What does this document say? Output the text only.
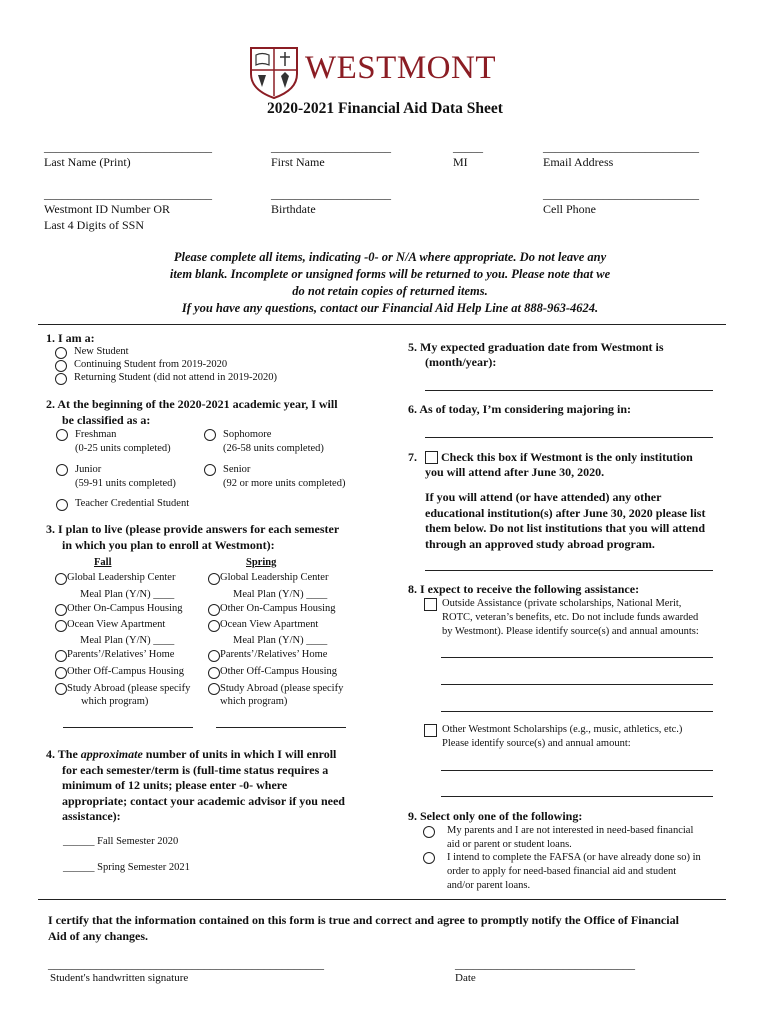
WESTMONT
2020-2021 Financial Aid Data Sheet
____________________________
Last Name (Print)
____________________
First Name
_____
MI
__________________________
Email Address
____________________________
Westmont ID Number OR
Last 4 Digits of SSN
____________________
Birthdate
__________________________
Cell Phone
Please complete all items, indicating -0- or N/A where appropriate. Do not leave any
item blank. Incomplete or unsigned forms will be returned to you. Please note that we
do not retain copies of returned items.
If you have any questions, contact our Financial Aid Help Line at 888-963-4624.
1. I am a:
New Student
Continuing Student from 2019-2020
Returning Student (did not attend in 2019-2020)
2. At the beginning of the 2020-2021 academic year, I will
be classified as a:
Freshman
(0-25 units completed)
Sophomore
(26-58 units completed)
Junior
(59-91 units completed)
Senior
(92 or more units completed)
Teacher Credential Student
3. I plan to live (please provide answers for each semester
in which you plan to enroll at Westmont):
Fall	Spring
Global Leadership Center
Meal Plan (Y/N) ____
Other On-Campus Housing
Ocean View Apartment
Meal Plan (Y/N) ____
Parents’/Relatives’ Home
Other Off-Campus Housing
Study Abroad (please specify
which program)
Global Leadership Center
Meal Plan (Y/N) ____
Other On-Campus Housing
Ocean View Apartment
Meal Plan (Y/N) ____
Parents’/Relatives’ Home
Other Off-Campus Housing
Study Abroad (please specify
which program)
4. The approximate number of units in which I will enroll
for each semester/term is (full-time status requires a
minimum of 12 units; please enter -0- where
appropriate; contact your academic advisor if you need
assistance):
______ Fall Semester 2020
______ Spring Semester 2021
5. My expected graduation date from Westmont is
(month/year):
6. As of today, I’m considering majoring in:
7. Check this box if Westmont is the only institution
you will attend after June 30, 2020.
If you will attend (or have attended) any other
educational institution(s) after June 30, 2020 please list
them below. Do not list institutions that you will attend
through an approved study abroad program.
8. I expect to receive the following assistance:
Outside Assistance (private scholarships, National Merit,
ROTC, veteran’s benefits, etc. Do not include funds awarded
by Westmont). Please identify source(s) and annual amounts:
Other Westmont Scholarships (e.g., music, athletics, etc.)
Please identify source(s) and annual amount:
9. Select only one of the following:
My parents and I are not interested in need-based financial
aid or parent or student loans.
I intend to complete the FAFSA (or have already done so) in
order to apply for need-based financial aid and student
and/or parent loans.
I certify that the information contained on this form is true and correct and agree to promptly notify the Office of Financial
Aid of any changes.
______________________________________________
Student's handwritten signature
______________________________
Date
